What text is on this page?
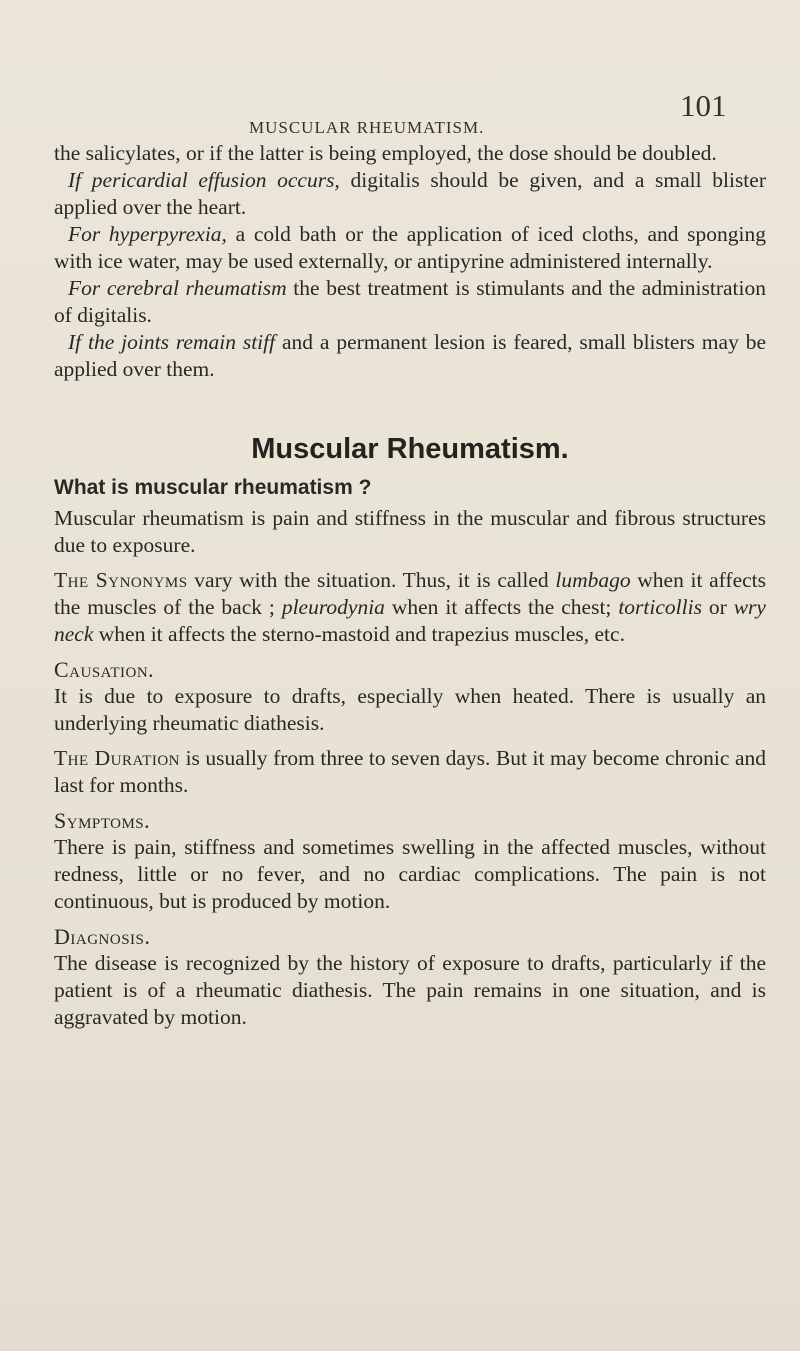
MUSCULAR RHEUMATISM.
101

the salicylates, or if the latter is being employed, the dose should be doubled.

If pericardial effusion occurs, digitalis should be given, and a small blister applied over the heart.

For hyperpyrexia, a cold bath or the application of iced cloths, and sponging with ice water, may be used externally, or antipyrine administered internally.

For cerebral rheumatism the best treatment is stimulants and the administration of digitalis.

If the joints remain stiff and a permanent lesion is feared, small blisters may be applied over them.

Muscular Rheumatism.

What is muscular rheumatism ?

Muscular rheumatism is pain and stiffness in the muscular and fibrous structures due to exposure.

The Synonyms vary with the situation. Thus, it is called lumbago when it affects the muscles of the back ; pleurodynia when it affects the chest; torticollis or wry neck when it affects the sterno-mastoid and trapezius muscles, etc.

Causation.

It is due to exposure to drafts, especially when heated. There is usually an underlying rheumatic diathesis.

The Duration is usually from three to seven days. But it may become chronic and last for months.

Symptoms.

There is pain, stiffness and sometimes swelling in the affected muscles, without redness, little or no fever, and no cardiac complications. The pain is not continuous, but is produced by motion.

Diagnosis.

The disease is recognized by the history of exposure to drafts, particularly if the patient is of a rheumatic diathesis. The pain remains in one situation, and is aggravated by motion.
